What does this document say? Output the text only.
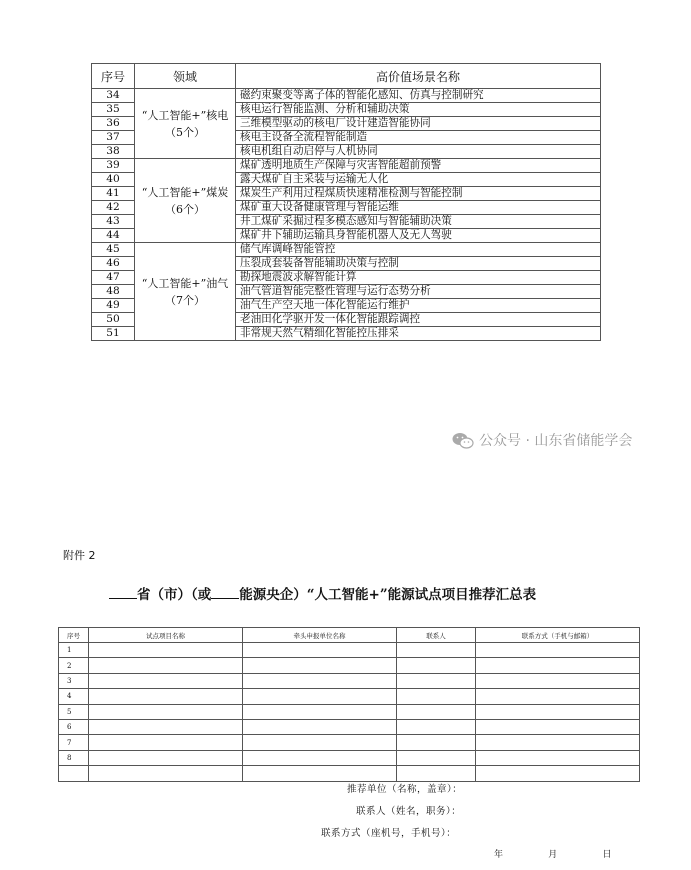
序号	领域	高价值场景名称
34	“人工智能+”核电（5个）	磁约束聚变等离子体的智能化感知、仿真与控制研究
35		核电运行智能监测、分析和辅助决策
36		三维模型驱动的核电厂设计建造智能协同
37		核电主设备全流程智能制造
38		核电机组自动启停与人机协同
39	“人工智能+”煤炭（6个）	煤矿透明地质生产保障与灾害智能超前预警
40		露天煤矿自主采装与运输无人化
41		煤炭生产利用过程煤质快速精准检测与智能控制
42		煤矿重大设备健康管理与智能运维
43		井工煤矿采掘过程多模态感知与智能辅助决策
44		煤矿井下辅助运输具身智能机器人及无人驾驶
45	“人工智能+”油气（7个）	储气库调峰智能管控
46		压裂成套装备智能辅助决策与控制
47		勘探地震波求解智能计算
48		油气管道智能完整性管理与运行态势分析
49		油气生产空天地一体化智能运行维护
50		老油田化学驱开发一体化智能跟踪调控
51		非常规天然气精细化智能控压排采
公众号 · 山东省储能学会
附件 2
省（市）（或 能源央企）“人工智能+”能源试点项目推荐汇总表
序号	试点项目名称	牵头申报单位名称	联系人	联系方式（手机与邮箱）
1				
2				
3				
4				
5				
6				
7				
8				

推荐单位（名称，盖章）：
联系人（姓名，职务）：
联系方式（座机号，手机号）：
年	月	日
